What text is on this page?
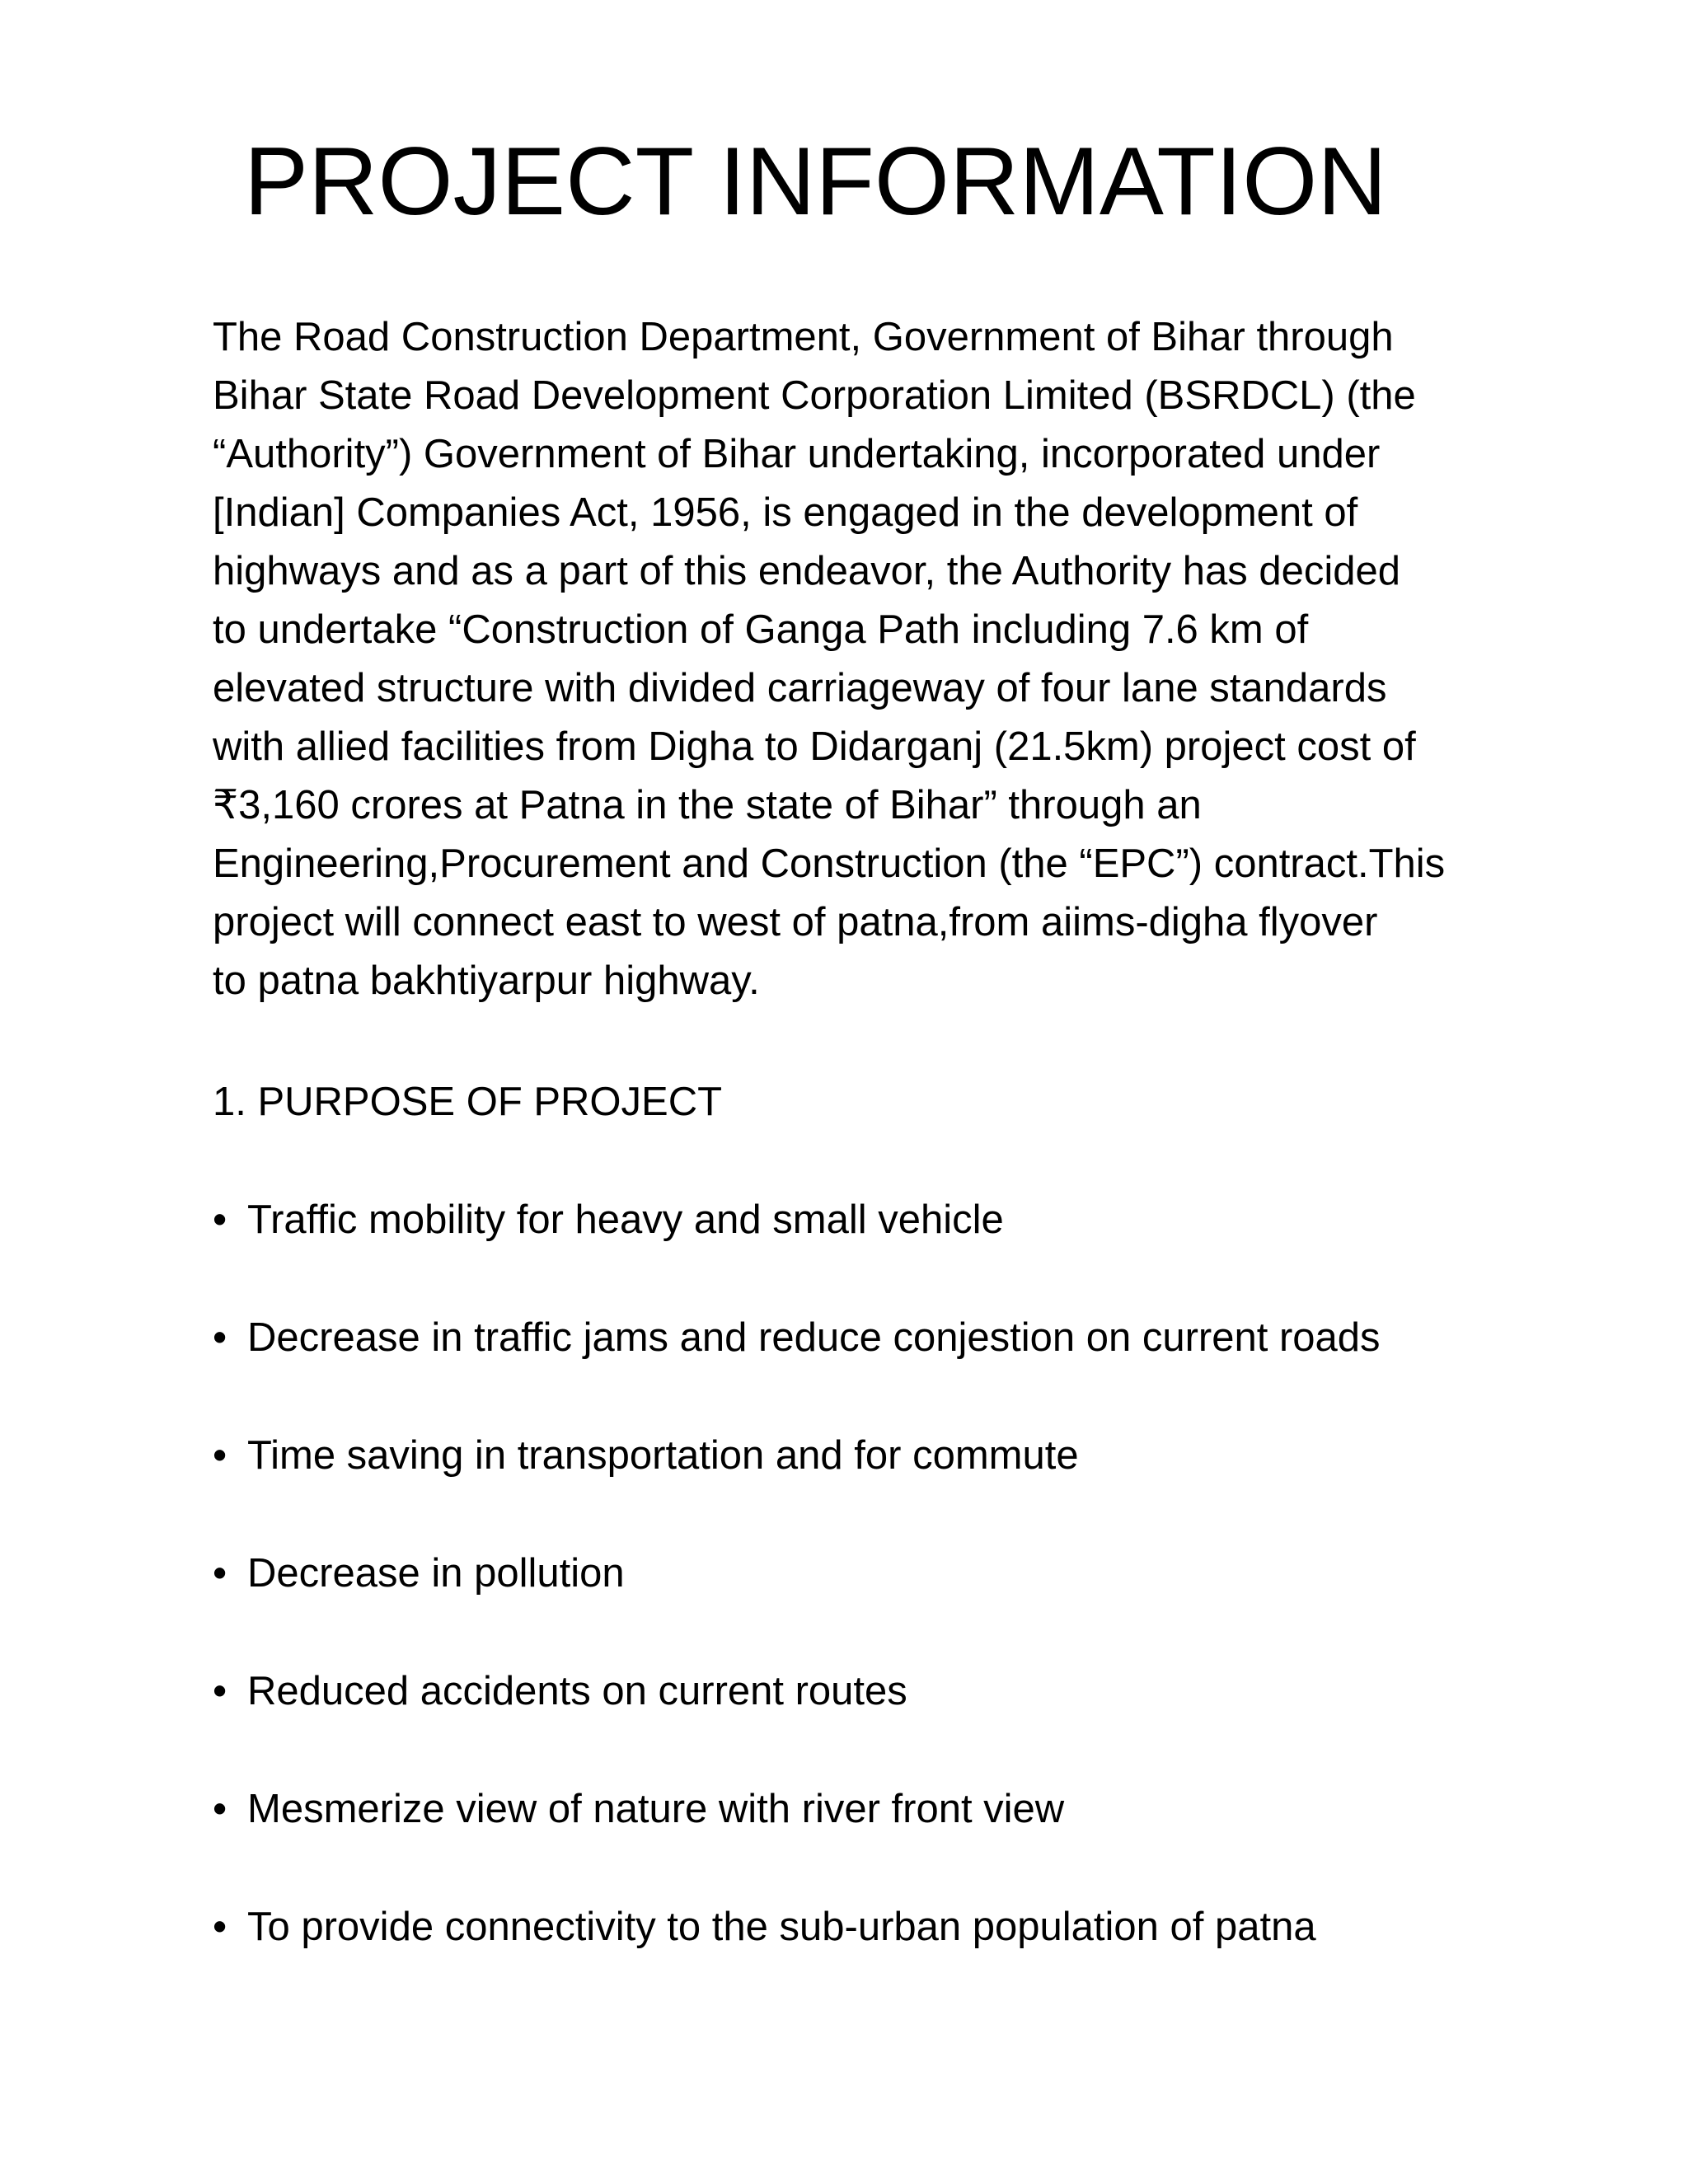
PROJECT INFORMATION

The Road Construction Department, Government of Bihar through
Bihar State Road Development Corporation Limited (BSRDCL) (the
“Authority”) Government of Bihar undertaking, incorporated under
[Indian] Companies Act, 1956, is engaged in the development of
highways and as a part of this endeavor, the Authority has decided
to undertake “Construction of Ganga Path including 7.6 km of
elevated structure with divided carriageway of four lane standards
with allied facilities from Digha to Didarganj (21.5km) project cost of
₹3,160 crores at Patna in the state of Bihar” through an
Engineering,Procurement and Construction (the “EPC”) contract.This
project will connect east to west of patna,from aiims-digha flyover
to patna bakhtiyarpur highway.

1. PURPOSE OF PROJECT
• Traffic mobility for heavy and small vehicle
• Decrease in traffic jams and reduce conjestion on current roads
• Time saving in transportation and for commute
• Decrease in pollution
• Reduced accidents on current routes
• Mesmerize view of nature with river front view
• To provide connectivity to the sub-urban population of patna
